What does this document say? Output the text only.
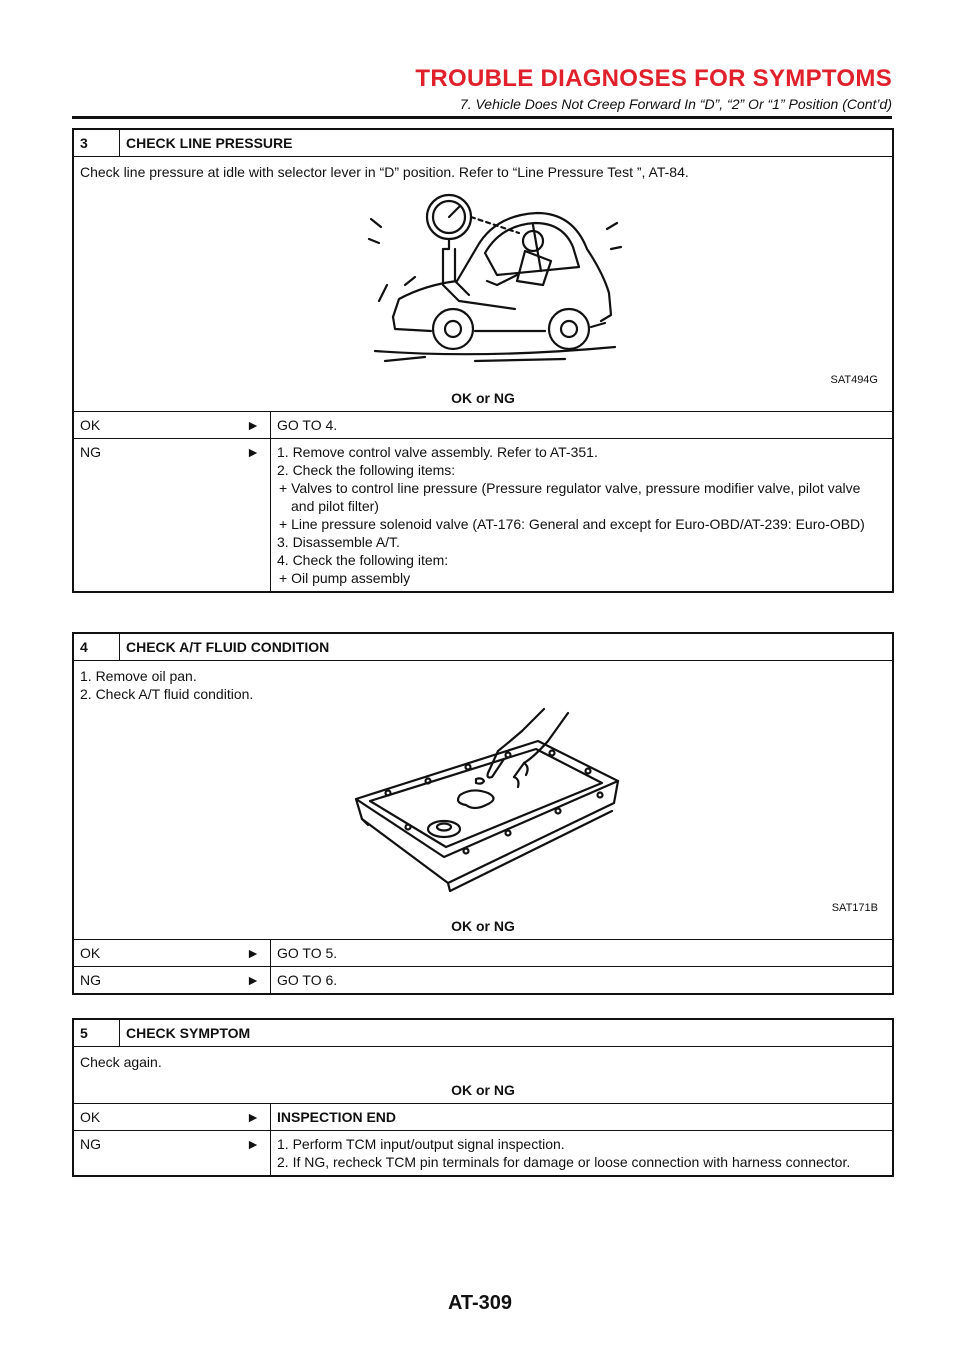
TROUBLE DIAGNOSES FOR SYMPTOMS
7. Vehicle Does Not Creep Forward In “D”, “2” Or “1” Position (Cont’d)
3	CHECK LINE PRESSURE
Check line pressure at idle with selector lever in “D” position. Refer to “Line Pressure Test ”, AT-84.
SAT494G
OK or NG
OK	► GO TO 4.
NG	► 1. Remove control valve assembly. Refer to AT-351.
2. Check the following items:
+ Valves to control line pressure (Pressure regulator valve, pressure modifier valve, pilot valve and pilot filter)
+ Line pressure solenoid valve (AT-176: General and except for Euro-OBD/AT-239: Euro-OBD)
3. Disassemble A/T.
4. Check the following item:
+ Oil pump assembly
4	CHECK A/T FLUID CONDITION
1. Remove oil pan.
2. Check A/T fluid condition.
SAT171B
OK or NG
OK	► GO TO 5.
NG	► GO TO 6.
5	CHECK SYMPTOM
Check again.
OK or NG
OK	► INSPECTION END
NG	► 1. Perform TCM input/output signal inspection.
2. If NG, recheck TCM pin terminals for damage or loose connection with harness connector.
AT-309
